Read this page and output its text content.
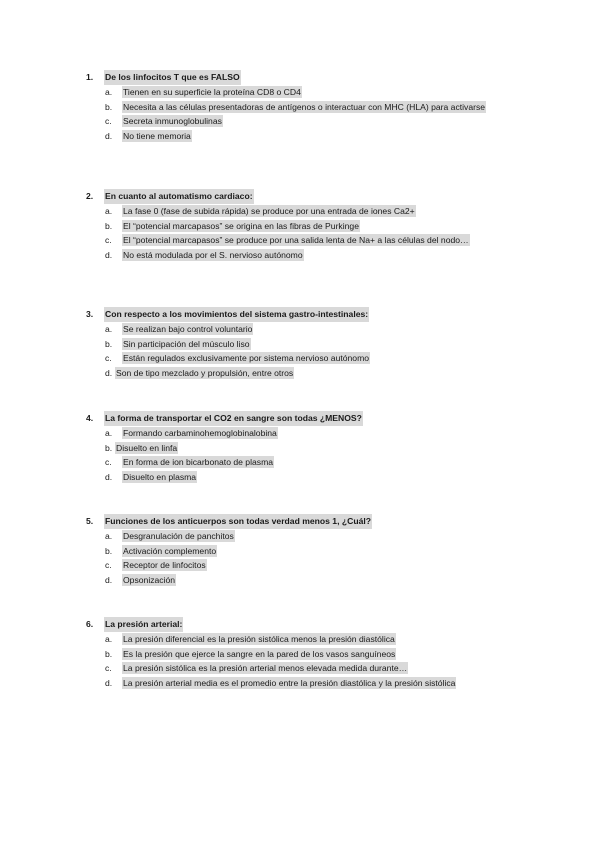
1. De los linfocitos T que es FALSO
a. Tienen en su superficie la proteína CD8 o CD4
b. Necesita a las células presentadoras de antígenos o interactuar con MHC (HLA) para activarse
c. Secreta inmunoglobulinas
d. No tiene memoria
2. En cuanto al automatismo cardiaco:
a. La fase 0 (fase de subida rápida) se produce por una entrada de iones Ca2+
b. El “potencial marcapasos” se origina en las fibras de Purkinge
c. El “potencial marcapasos” se produce por una salida lenta de Na+ a las células del nodo…
d. No está modulada por el S. nervioso autónomo
3. Con respecto a los movimientos del sistema gastro-intestinales:
a. Se realizan bajo control voluntario
b. Sin participación del músculo liso
c. Están regulados exclusivamente por sistema nervioso autónomo
d. Son de tipo mezclado y propulsión, entre otros
4. La forma de transportar el CO2 en sangre son todas ¿MENOS?
a. Formando carbaminohemoglobinalobina
b. Disuelto en linfa
c. En forma de ion bicarbonato de plasma
d. Disuelto en plasma
5. Funciones de los anticuerpos son todas verdad menos 1, ¿Cuál?
a. Desgranulación de panchitos
b. Activación complemento
c. Receptor de linfocitos
d. Opsonización
6. La presión arterial:
a. La presión diferencial es la presión sistólica menos la presión diastólica
b. Es la presión que ejerce la sangre en la pared de los vasos sanguíneos
c. La presión sistólica es la presión arterial menos elevada medida durante…
d. La presión arterial media es el promedio entre la presión diastólica y la presión sistólica
